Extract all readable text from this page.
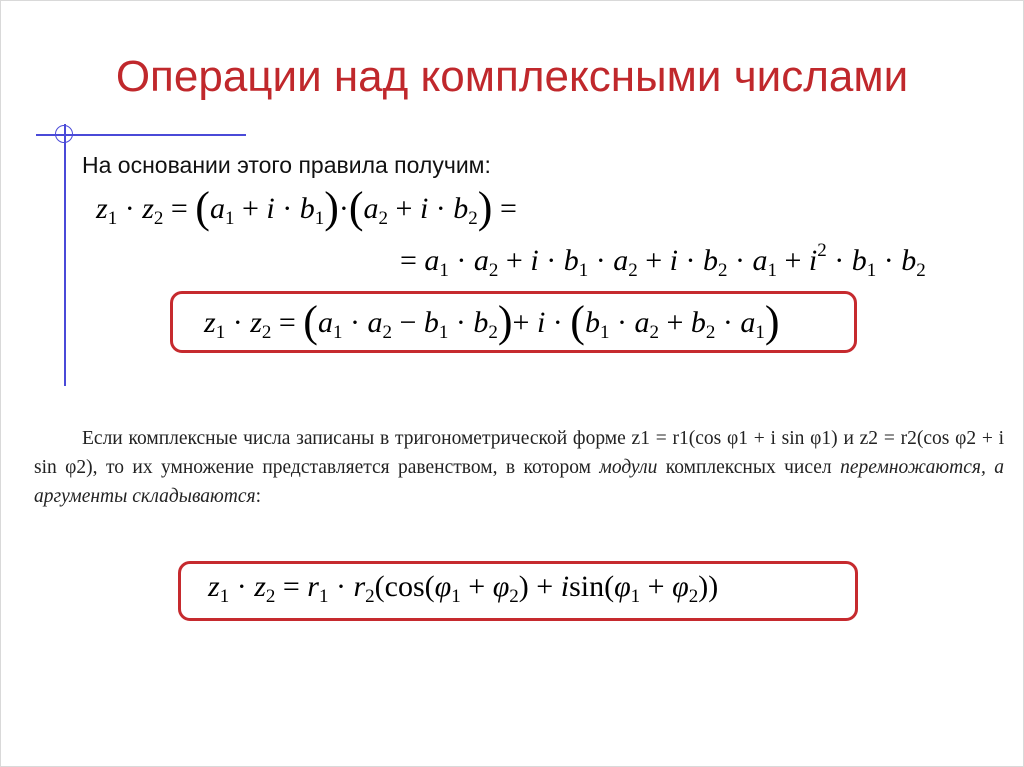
Операции над комплексными числами
На основании этого правила получим:
$z_1 \cdot z_2 = (a_1 + i \cdot b_1)\cdot(a_2 + i \cdot b_2)$ =
= $a_1 \cdot a_2 + i \cdot b_1 \cdot a_2 + i \cdot b_2 \cdot a_1 + i^2 \cdot b_1 \cdot b_2$
$z_1 \cdot z_2 = (a_1 \cdot a_2 - b_1 \cdot b_2)+ i \cdot (b_1 \cdot a_2 + b_2 \cdot a_1)$
Если комплексные числа записаны в тригонометрической форме z1 = r1(cos φ1 + i sin φ1) и z2 = r2(cos φ2 + i sin φ2), то их умножение представляется равенством, в котором модули комплексных чисел перемножаются, а аргументы складываются:
$z_1 \cdot z_2 = r_1 \cdot r_2(\cos(\varphi_1 + \varphi_2) + isin(\varphi_1 + \varphi_2))$
